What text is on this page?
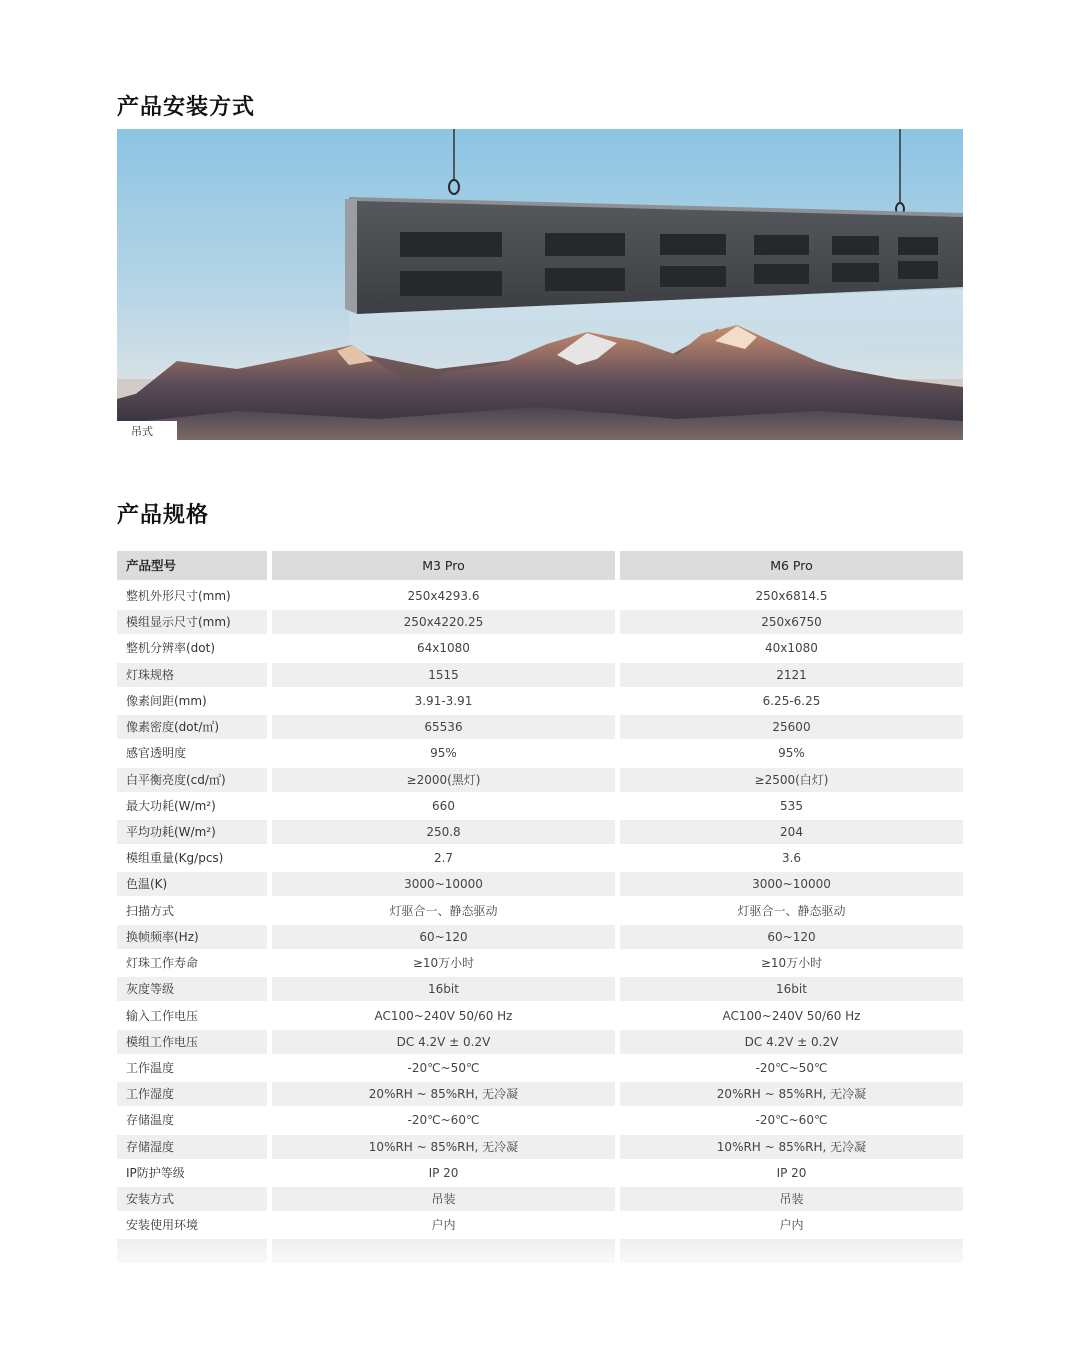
产品安装方式
吊式
产品规格
产品型号	M3 Pro	M6 Pro
整机外形尺寸(mm)	250x4293.6	250x6814.5
模组显示尺寸(mm)	250x4220.25	250x6750
整机分辨率(dot)	64x1080	40x1080
灯珠规格	1515	2121
像素间距(mm)	3.91-3.91	6.25-6.25
像素密度(dot/㎡)	65536	25600
感官透明度	95%	95%
白平衡亮度(cd/㎡)	≥2000(黑灯)	≥2500(白灯)
最大功耗(W/m²)	660	535
平均功耗(W/m²)	250.8	204
模组重量(Kg/pcs)	2.7	3.6
色温(K)	3000~10000	3000~10000
扫描方式	灯驱合一、静态驱动	灯驱合一、静态驱动
换帧频率(Hz)	60~120	60~120
灯珠工作寿命	≥10万小时	≥10万小时
灰度等级	16bit	16bit
输入工作电压	AC100~240V 50/60 Hz	AC100~240V 50/60 Hz
模组工作电压	DC 4.2V ± 0.2V	DC 4.2V ± 0.2V
工作温度	-20℃~50℃	-20℃~50℃
工作湿度	20%RH ~ 85%RH, 无冷凝	20%RH ~ 85%RH, 无冷凝
存储温度	-20℃~60℃	-20℃~60℃
存储湿度	10%RH ~ 85%RH, 无冷凝	10%RH ~ 85%RH, 无冷凝
IP防护等级	IP 20	IP 20
安装方式	吊装	吊装
安装使用环境	户内	户内
